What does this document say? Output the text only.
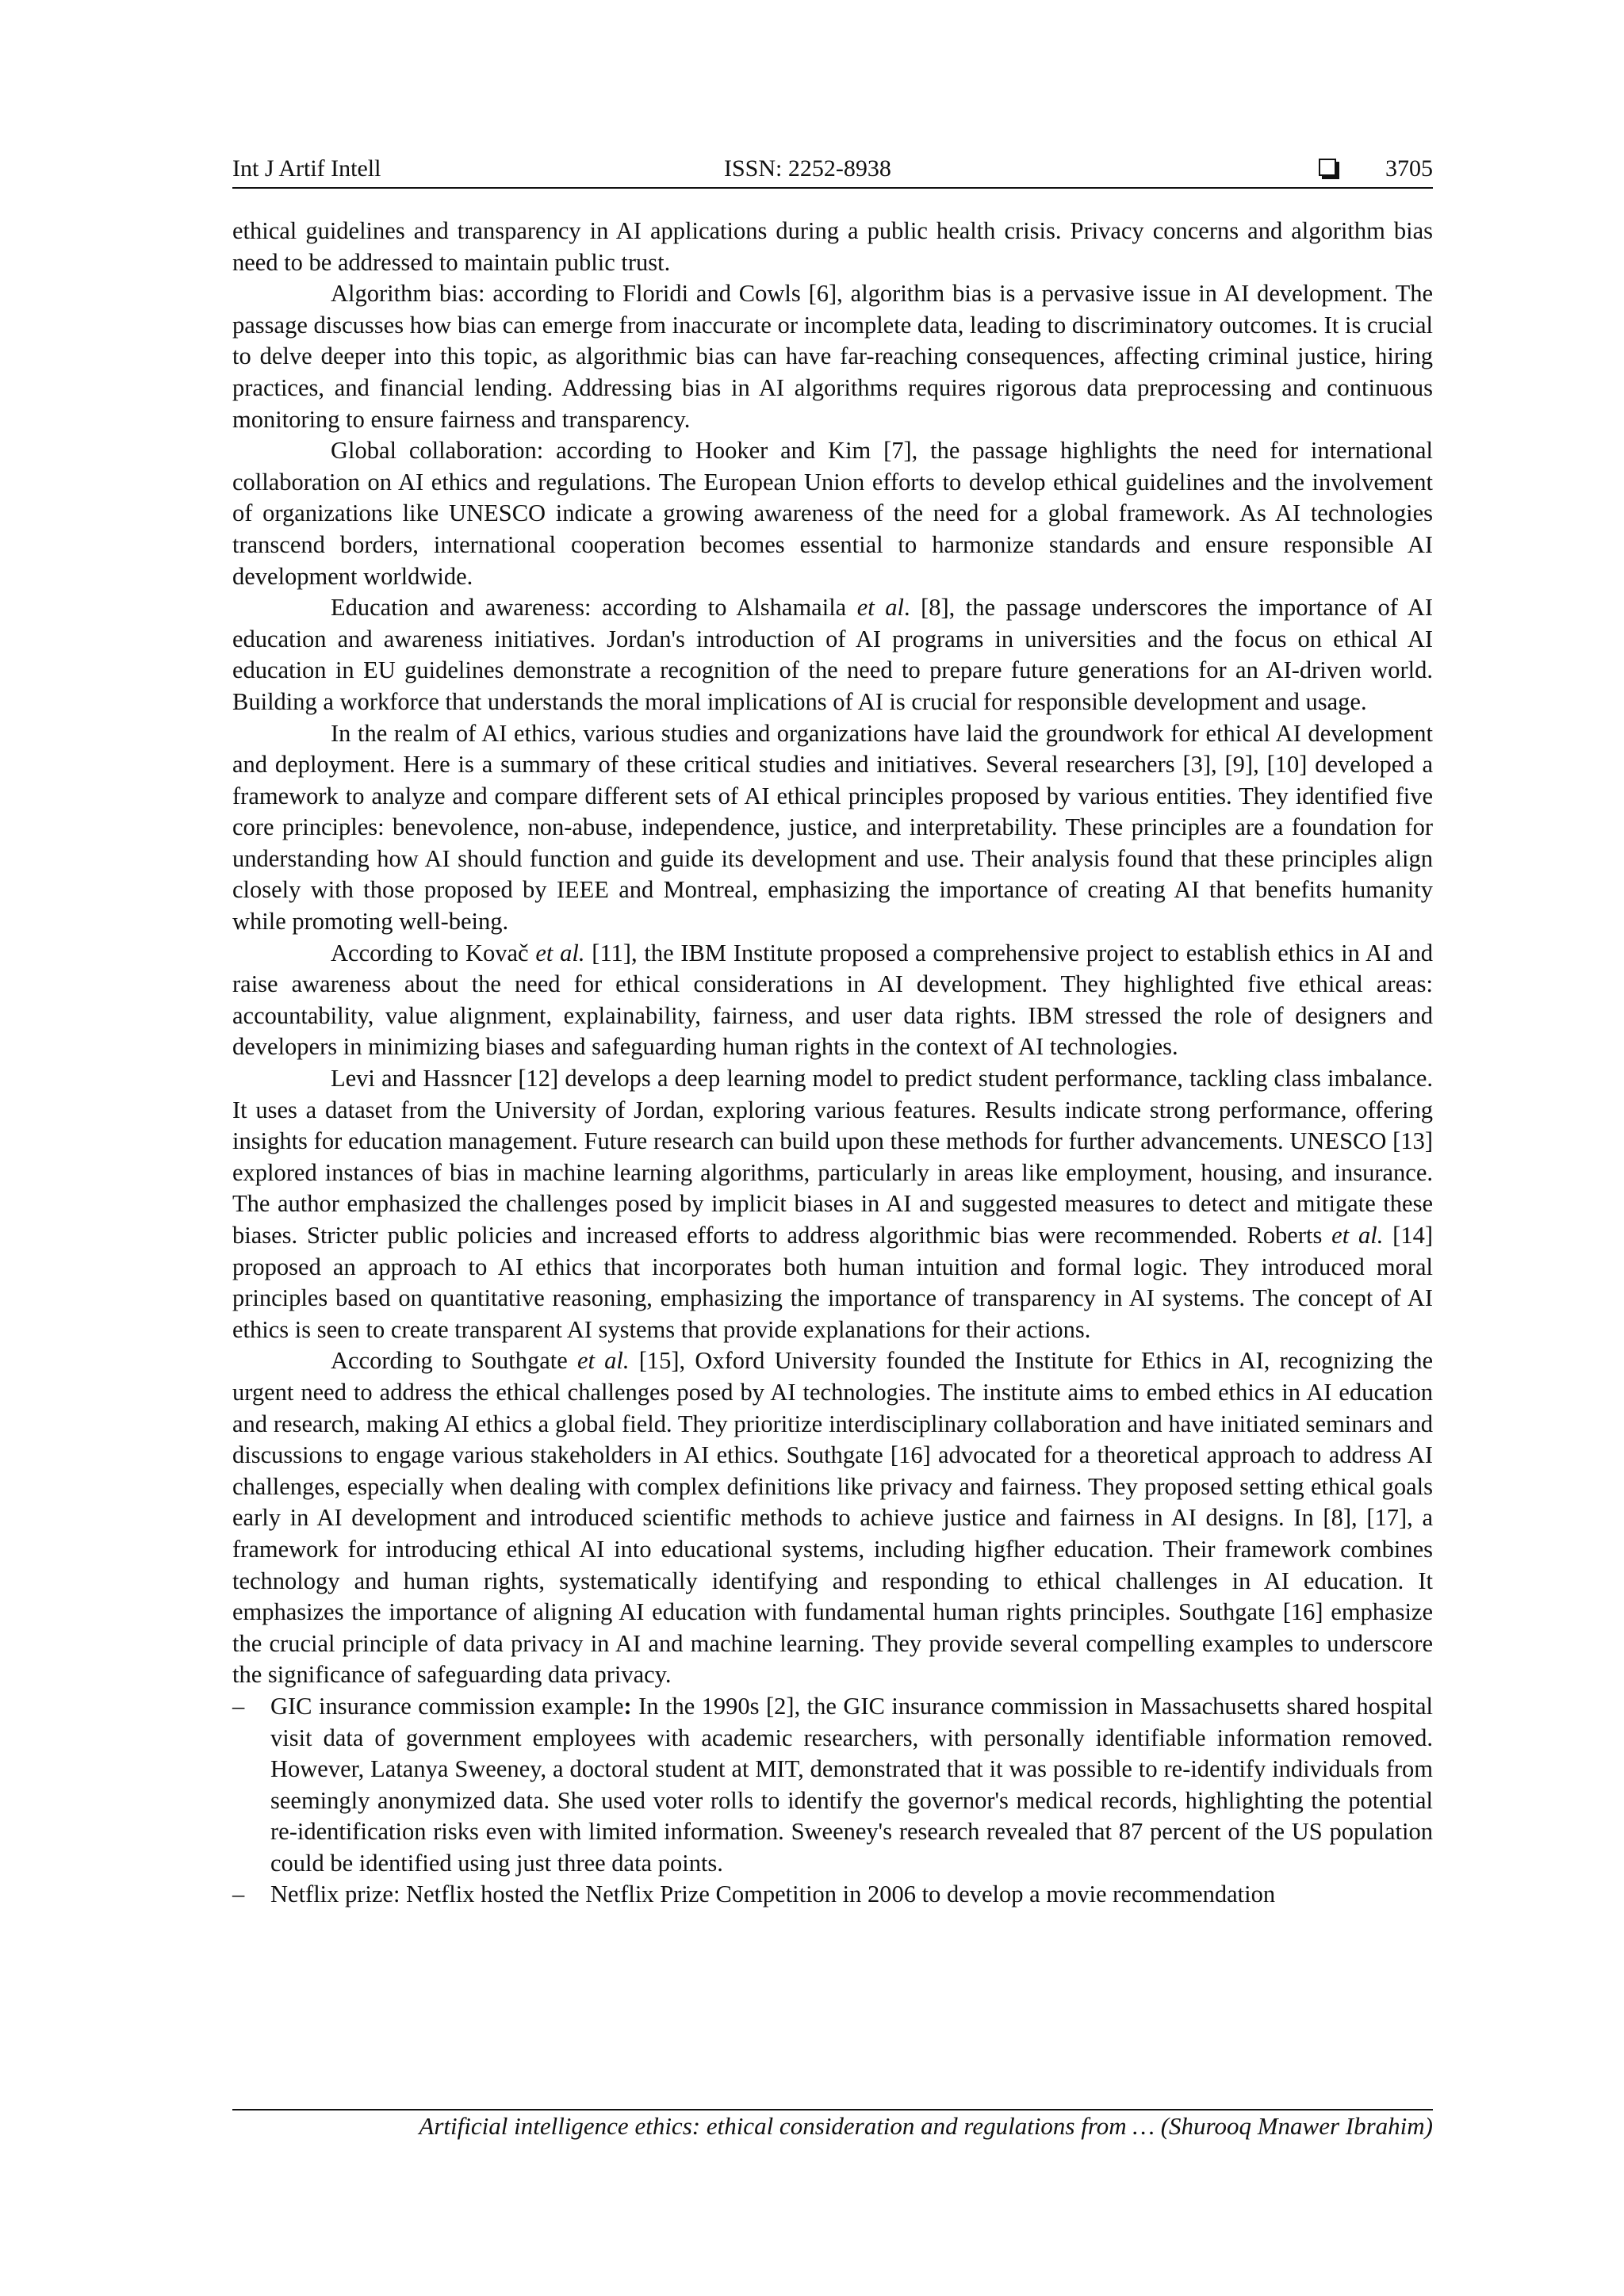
Int J Artif Intell	ISSN: 2252-8938	3705

ethical guidelines and transparency in AI applications during a public health crisis. Privacy concerns and algorithm bias need to be addressed to maintain public trust.

Algorithm bias: according to Floridi and Cowls [6], algorithm bias is a pervasive issue in AI development. The passage discusses how bias can emerge from inaccurate or incomplete data, leading to discriminatory outcomes. It is crucial to delve deeper into this topic, as algorithmic bias can have far-reaching consequences, affecting criminal justice, hiring practices, and financial lending. Addressing bias in AI algorithms requires rigorous data preprocessing and continuous monitoring to ensure fairness and transparency.

Global collaboration: according to Hooker and Kim [7], the passage highlights the need for international collaboration on AI ethics and regulations. The European Union efforts to develop ethical guidelines and the involvement of organizations like UNESCO indicate a growing awareness of the need for a global framework. As AI technologies transcend borders, international cooperation becomes essential to harmonize standards and ensure responsible AI development worldwide.

Education and awareness: according to Alshamaila et al. [8], the passage underscores the importance of AI education and awareness initiatives. Jordan's introduction of AI programs in universities and the focus on ethical AI education in EU guidelines demonstrate a recognition of the need to prepare future generations for an AI-driven world. Building a workforce that understands the moral implications of AI is crucial for responsible development and usage.

In the realm of AI ethics, various studies and organizations have laid the groundwork for ethical AI development and deployment. Here is a summary of these critical studies and initiatives. Several researchers [3], [9], [10] developed a framework to analyze and compare different sets of AI ethical principles proposed by various entities. They identified five core principles: benevolence, non-abuse, independence, justice, and interpretability. These principles are a foundation for understanding how AI should function and guide its development and use. Their analysis found that these principles align closely with those proposed by IEEE and Montreal, emphasizing the importance of creating AI that benefits humanity while promoting well-being.

According to Kovač et al. [11], the IBM Institute proposed a comprehensive project to establish ethics in AI and raise awareness about the need for ethical considerations in AI development. They highlighted five ethical areas: accountability, value alignment, explainability, fairness, and user data rights. IBM stressed the role of designers and developers in minimizing biases and safeguarding human rights in the context of AI technologies.

Levi and Hassncer [12] develops a deep learning model to predict student performance, tackling class imbalance. It uses a dataset from the University of Jordan, exploring various features. Results indicate strong performance, offering insights for education management. Future research can build upon these methods for further advancements. UNESCO [13] explored instances of bias in machine learning algorithms, particularly in areas like employment, housing, and insurance. The author emphasized the challenges posed by implicit biases in AI and suggested measures to detect and mitigate these biases. Stricter public policies and increased efforts to address algorithmic bias were recommended. Roberts et al. [14] proposed an approach to AI ethics that incorporates both human intuition and formal logic. They introduced moral principles based on quantitative reasoning, emphasizing the importance of transparency in AI systems. The concept of AI ethics is seen to create transparent AI systems that provide explanations for their actions.

According to Southgate et al. [15], Oxford University founded the Institute for Ethics in AI, recognizing the urgent need to address the ethical challenges posed by AI technologies. The institute aims to embed ethics in AI education and research, making AI ethics a global field. They prioritize interdisciplinary collaboration and have initiated seminars and discussions to engage various stakeholders in AI ethics. Southgate [16] advocated for a theoretical approach to address AI challenges, especially when dealing with complex definitions like privacy and fairness. They proposed setting ethical goals early in AI development and introduced scientific methods to achieve justice and fairness in AI designs. In [8], [17], a framework for introducing ethical AI into educational systems, including higfher education. Their framework combines technology and human rights, systematically identifying and responding to ethical challenges in AI education. It emphasizes the importance of aligning AI education with fundamental human rights principles. Southgate [16] emphasize the crucial principle of data privacy in AI and machine learning. They provide several compelling examples to underscore the significance of safeguarding data privacy.

– GIC insurance commission example: In the 1990s [2], the GIC insurance commission in Massachusetts shared hospital visit data of government employees with academic researchers, with personally identifiable information removed. However, Latanya Sweeney, a doctoral student at MIT, demonstrated that it was possible to re-identify individuals from seemingly anonymized data. She used voter rolls to identify the governor's medical records, highlighting the potential re-identification risks even with limited information. Sweeney's research revealed that 87 percent of the US population could be identified using just three data points.
– Netflix prize: Netflix hosted the Netflix Prize Competition in 2006 to develop a movie recommendation
Artificial intelligence ethics: ethical consideration and regulations from … (Shurooq Mnawer Ibrahim)
